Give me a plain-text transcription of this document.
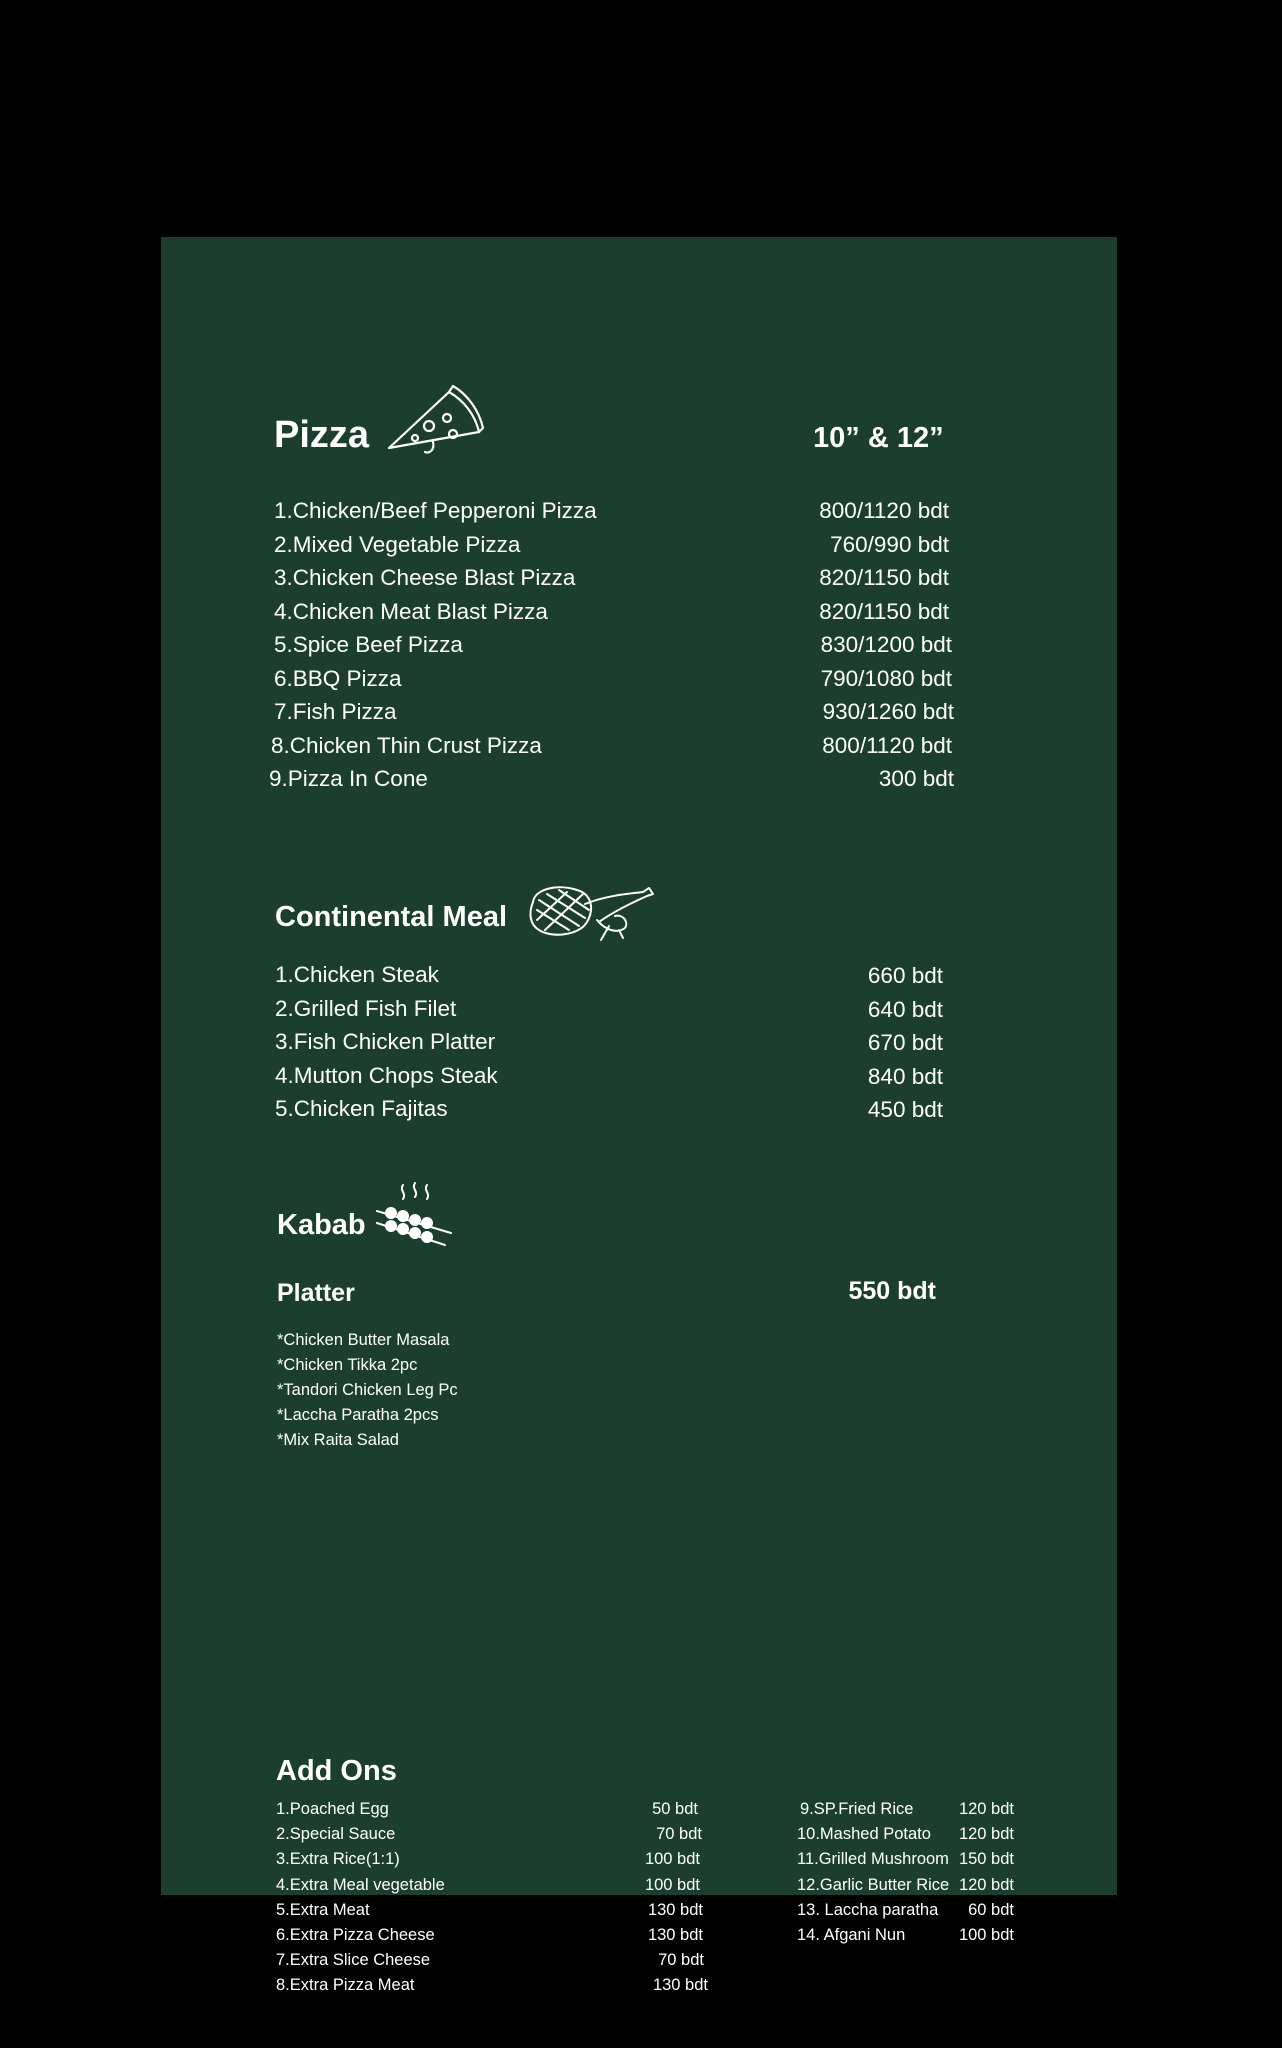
Pizza	10” & 12”
1.Chicken/Beef Pepperoni Pizza
2.Mixed Vegetable Pizza
3.Chicken Cheese Blast Pizza
4.Chicken Meat Blast Pizza
5.Spice Beef Pizza
6.BBQ Pizza
7.Fish Pizza
8.Chicken Thin Crust Pizza
9.Pizza In Cone
800/1120 bdt
760/990 bdt
820/1150 bdt
820/1150 bdt
830/1200 bdt
790/1080 bdt
930/1260 bdt
800/1120 bdt
300 bdt
Continental Meal
1.Chicken Steak
2.Grilled Fish Filet
3.Fish Chicken Platter
4.Mutton Chops Steak
5.Chicken Fajitas
660 bdt
640 bdt
670 bdt
840 bdt
450 bdt
Kabab
Platter	550 bdt
*Chicken Butter Masala
*Chicken Tikka 2pc
*Tandori Chicken Leg Pc
*Laccha Paratha 2pcs
*Mix Raita Salad
Add Ons
1.Poached Egg
2.Special Sauce
3.Extra Rice(1:1)
4.Extra Meal vegetable
5.Extra Meat
6.Extra Pizza Cheese
7.Extra Slice Cheese
8.Extra Pizza Meat
50 bdt
70 bdt
100 bdt
100 bdt
130 bdt
130 bdt
70 bdt
130 bdt
9.SP.Fried Rice
10.Mashed Potato
11.Grilled Mushroom
12.Garlic Butter Rice
13. Laccha paratha
14. Afgani Nun
120 bdt
120 bdt
150 bdt
120 bdt
60 bdt
100 bdt
